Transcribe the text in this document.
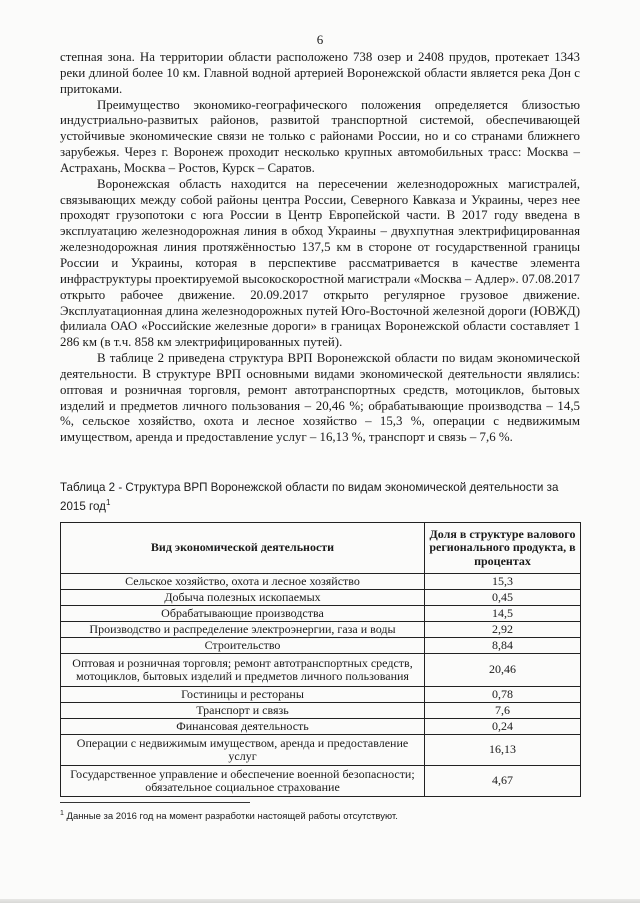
6

степная зона. На территории области расположено 738 озер и 2408 прудов, протекает 1343 реки длиной более 10 км. Главной водной артерией Воронежской области является река Дон с притоками.

Преимущество экономико-географического положения определяется близостью индустриально-развитых районов, развитой транспортной системой, обеспечивающей устойчивые экономические связи не только с районами России, но и со странами ближнего зарубежья. Через г. Воронеж проходит несколько крупных автомобильных трасс: Москва – Астрахань, Москва – Ростов, Курск – Саратов.

Воронежская область находится на пересечении железнодорожных магистралей, связывающих между собой районы центра России, Северного Кавказа и Украины, через нее проходят грузопотоки с юга России в Центр Европейской части. В 2017 году введена в эксплуатацию железнодорожная линия в обход Украины – двухпутная электрифицированная железнодорожная линия протяжённостью 137,5 км в стороне от государственной границы России и Украины, которая в перспективе рассматривается в качестве элемента инфраструктуры проектируемой высокоскоростной магистрали «Москва – Адлер». 07.08.2017 открыто рабочее движение. 20.09.2017 открыто регулярное грузовое движение. Эксплуатационная длина железнодорожных путей Юго-Восточной железной дороги (ЮВЖД) филиала ОАО «Российские железные дороги» в границах Воронежской области составляет 1 286 км (в т.ч. 858 км электрифицированных путей).

В таблице 2 приведена структура ВРП Воронежской области по видам экономической деятельности. В структуре ВРП основными видами экономической деятельности являлись: оптовая и розничная торговля, ремонт автотранспортных средств, мотоциклов, бытовых изделий и предметов личного пользования – 20,46 %; обрабатывающие производства – 14,5 %, сельское хозяйство, охота и лесное хозяйство – 15,3 %, операции с недвижимым имуществом, аренда и предоставление услуг – 16,13 %, транспорт и связь – 7,6 %.

Таблица 2 - Структура ВРП Воронежской области по видам экономической деятельности за 2015 год$^1$
Вид экономической деятельности	Доля в структуре валового регионального продукта, в процентах
Сельское хозяйство, охота и лесное хозяйство	15,3
Добыча полезных ископаемых	0,45
Обрабатывающие производства	14,5
Производство и распределение электроэнергии, газа и воды	2,92
Строительство	8,84
Оптовая и розничная торговля; ремонт автотранспортных средств, мотоциклов, бытовых изделий и предметов личного пользования	20,46
Гостиницы и рестораны	0,78
Транспорт и связь	7,6
Финансовая деятельность	0,24
Операции с недвижимым имуществом, аренда и предоставление услуг	16,13
Государственное управление и обеспечение военной безопасности; обязательное социальное страхование	4,67
$^1$ Данные за 2016 год на момент разработки настоящей работы отсутствуют.
